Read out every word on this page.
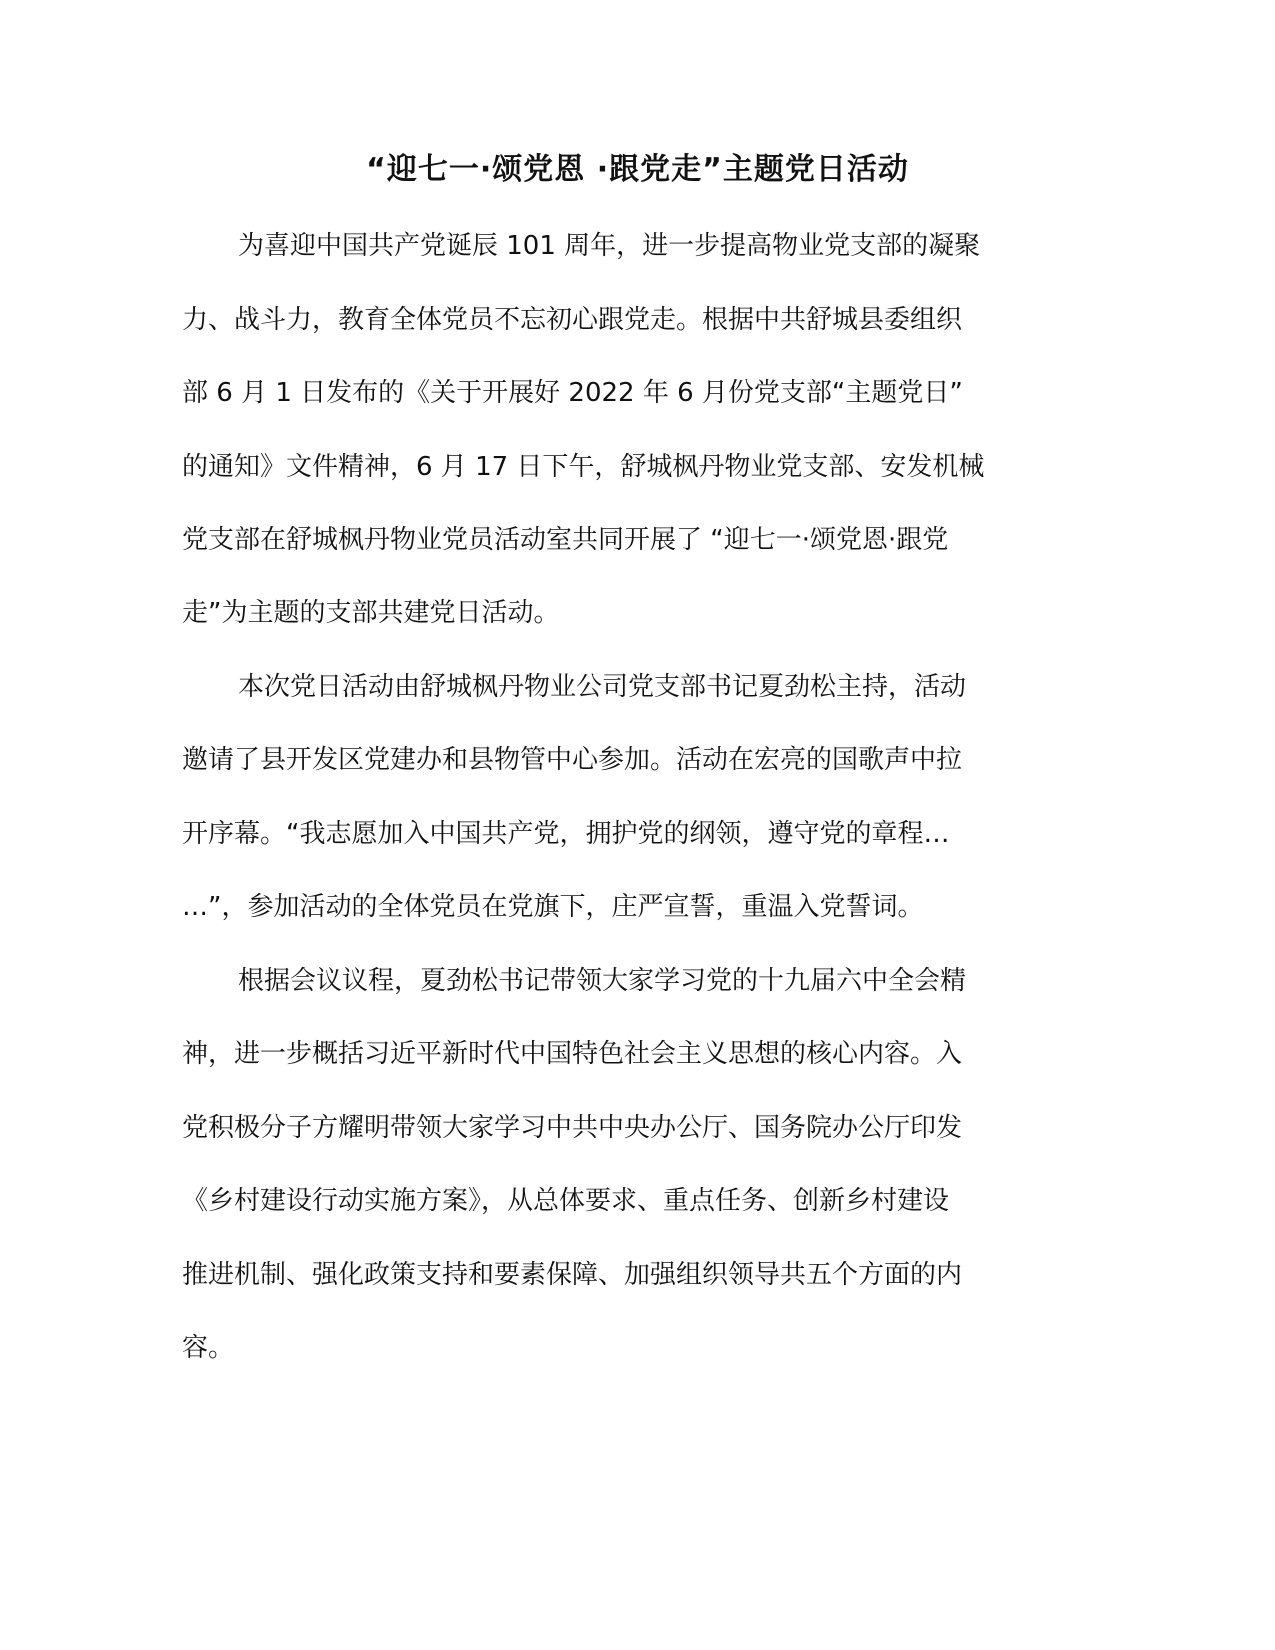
“迎七一·颂党恩 ·跟党走”主题党日活动

为喜迎中国共产党诞辰 101 周年，进一步提高物业党支部的凝聚

力、战斗力，教育全体党员不忘初心跟党走。根据中共舒城县委组织

部 6 月 1 日发布的《关于开展好 2022 年 6 月份党支部“主题党日”

的通知》文件精神，6 月 17 日下午，舒城枫丹物业党支部、安发机械

党支部在舒城枫丹物业党员活动室共同开展了 “迎七一·颂党恩·跟党

走”为主题的支部共建党日活动。

本次党日活动由舒城枫丹物业公司党支部书记夏劲松主持，活动

邀请了县开发区党建办和县物管中心参加。活动在宏亮的国歌声中拉

开序幕。“我志愿加入中国共产党，拥护党的纲领，遵守党的章程…

…”，参加活动的全体党员在党旗下，庄严宣誓，重温入党誓词。

根据会议议程，夏劲松书记带领大家学习党的十九届六中全会精

神，进一步概括习近平新时代中国特色社会主义思想的核心内容。入

党积极分子方耀明带领大家学习中共中央办公厅、国务院办公厅印发

《乡村建设行动实施方案》，从总体要求、重点任务、创新乡村建设

推进机制、强化政策支持和要素保障、加强组织领导共五个方面的内

容。
